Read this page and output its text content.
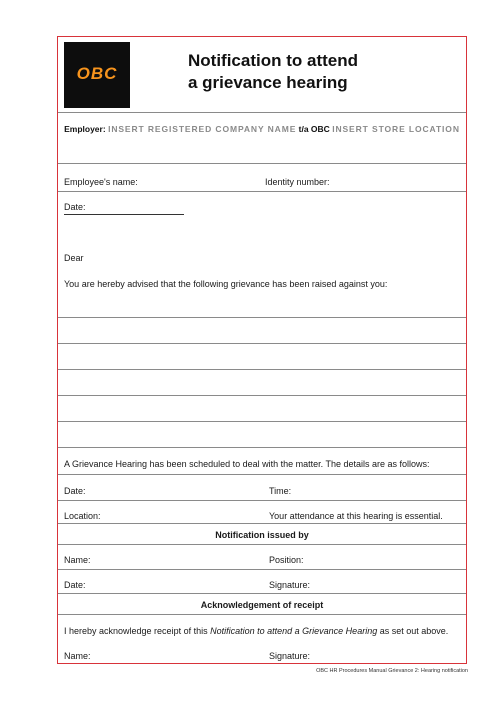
OBC
Notification to attend
a grievance hearing
Employer: INSERT REGISTERED COMPANY NAME t/a OBC INSERT STORE LOCATION
Employee's name:	Identity number:
Date:
Dear
You are hereby advised that the following grievance has been raised against you:
A Grievance Hearing has been scheduled to deal with the matter. The details are as follows:
Date:	Time:
Location:	Your attendance at this hearing is essential.
Notification issued by
Name:	Position:
Date:	Signature:
Acknowledgement of receipt
I hereby acknowledge receipt of this Notification to attend a Grievance Hearing as set out above.
Name:	Signature:
OBC HR Procedures Manual Grievance 2: Hearing notification
